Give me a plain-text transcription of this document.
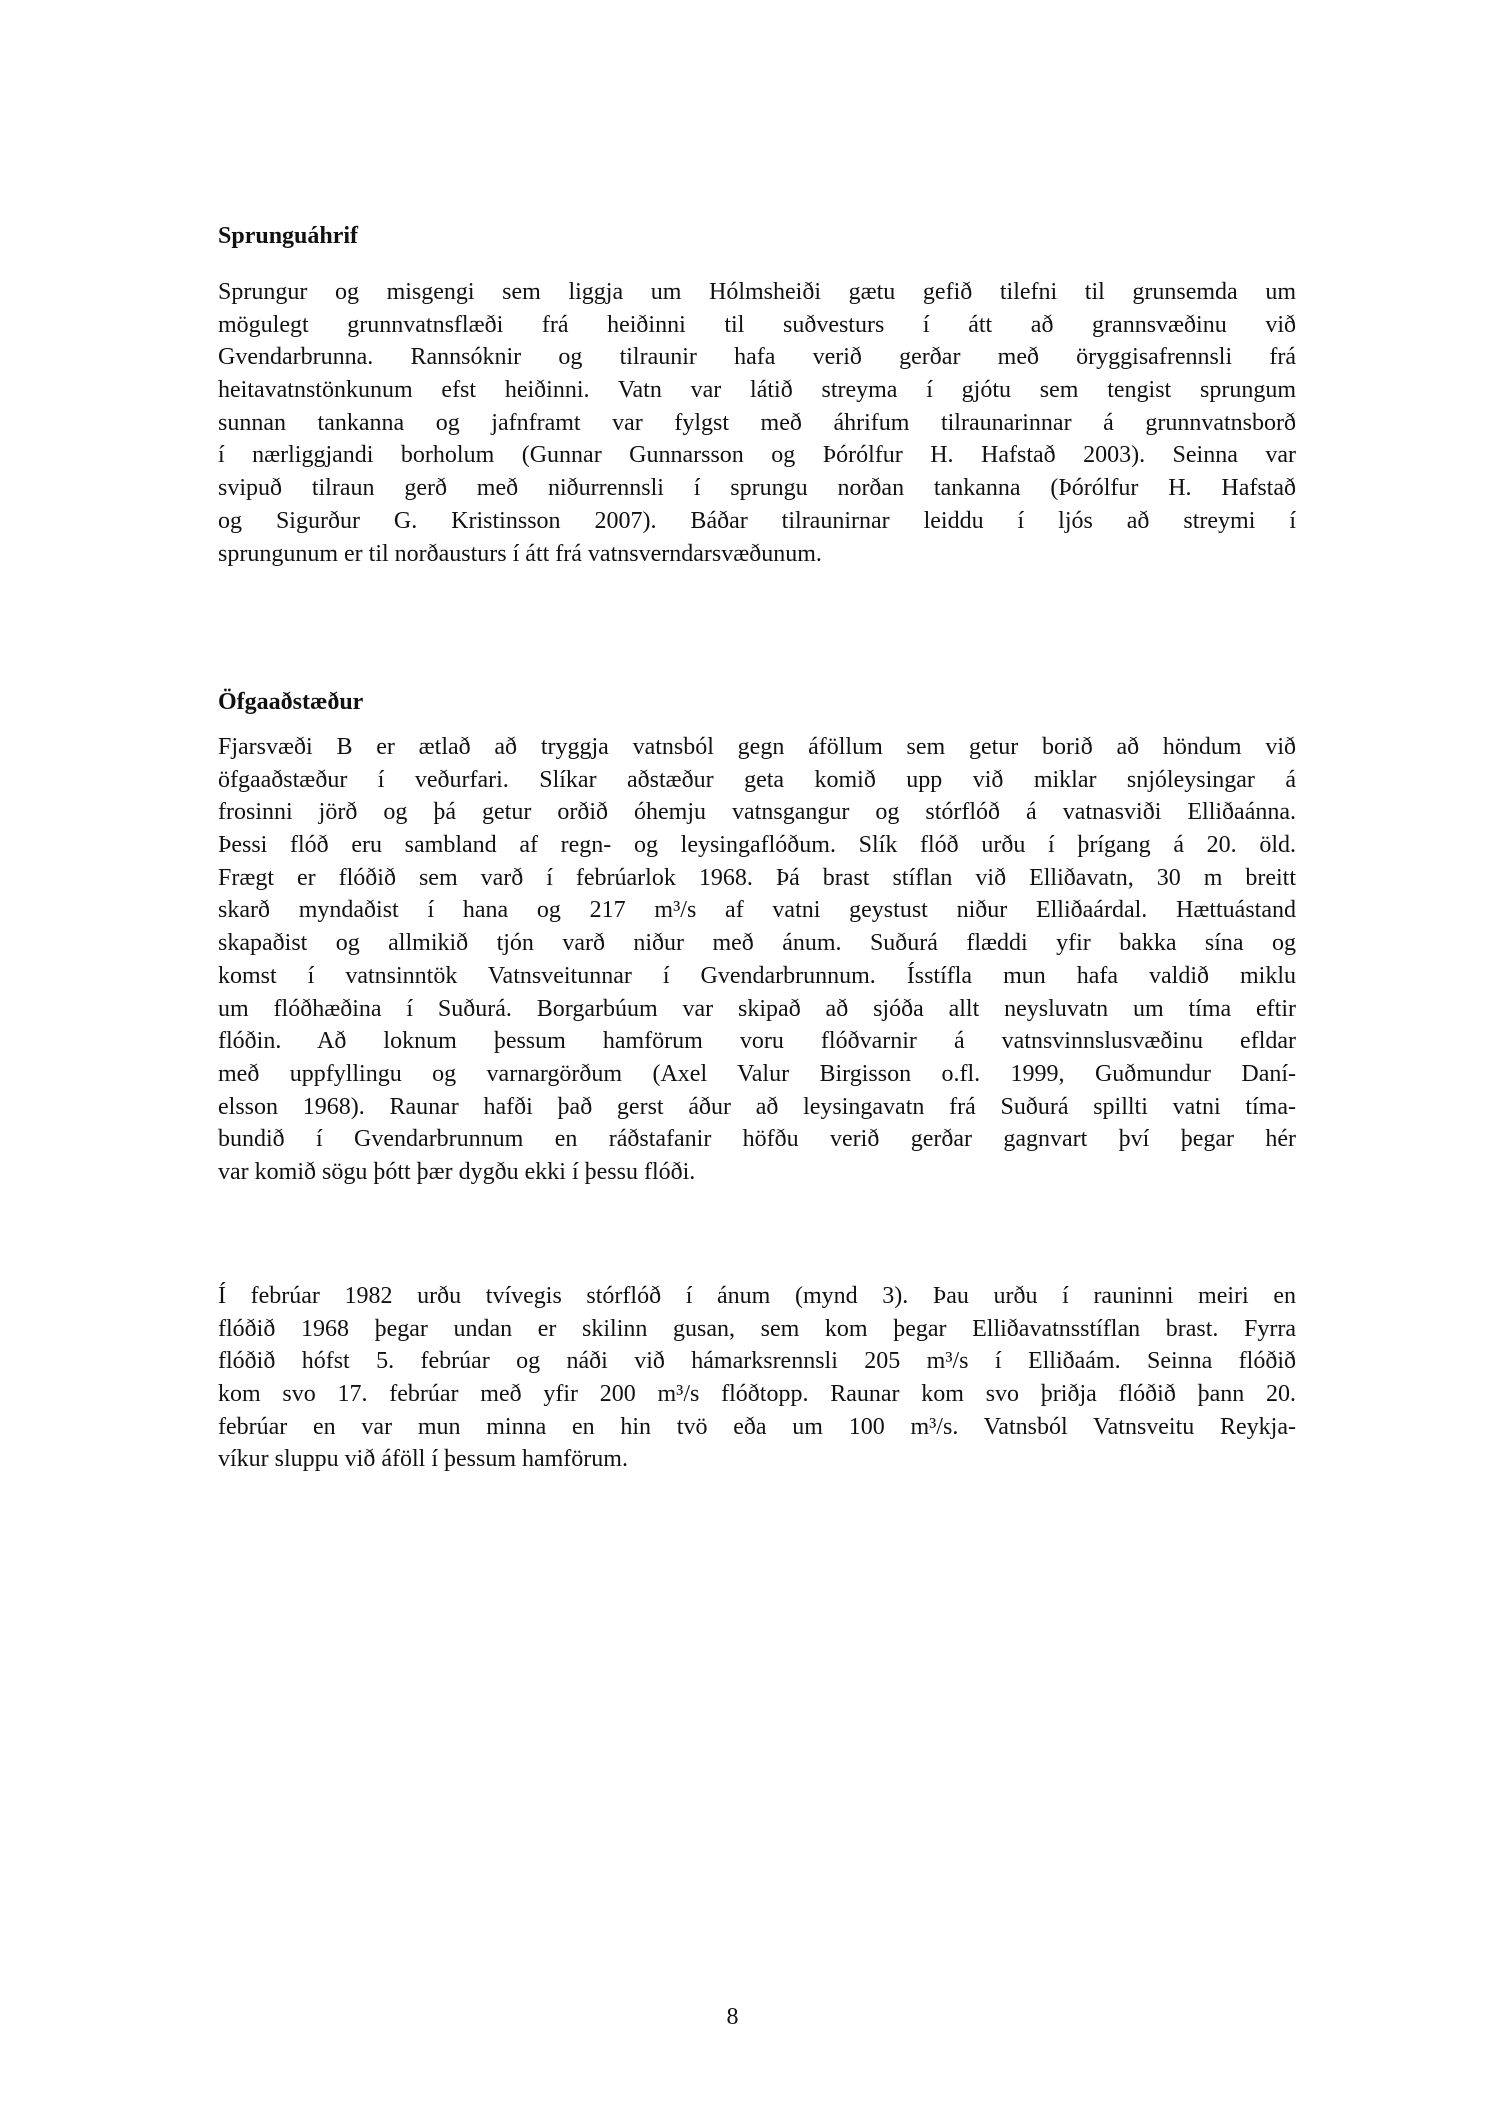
Sprunguáhrif
Sprungur og misgengi sem liggja um Hólmsheiði gætu gefið tilefni til grunsemda um
mögulegt grunnvatnsflæði frá heiðinni til suðvesturs í átt að grannsvæðinu við
Gvendarbrunna. Rannsóknir og tilraunir hafa verið gerðar með öryggisafrennsli frá
heitavatnstönkunum efst heiðinni. Vatn var látið streyma í gjótu sem tengist sprungum
sunnan tankanna og jafnframt var fylgst með áhrifum tilraunarinnar á grunnvatnsborð
í nærliggjandi borholum (Gunnar Gunnarsson og Þórólfur H. Hafstað 2003). Seinna var
svipuð tilraun gerð með niðurrennsli í sprungu norðan tankanna (Þórólfur H. Hafstað
og Sigurður G. Kristinsson 2007). Báðar tilraunirnar leiddu í ljós að streymi í
sprungunum er til norðausturs í átt frá vatnsverndarsvæðunum.
Öfgaaðstæður
Fjarsvæði B er ætlað að tryggja vatnsból gegn áföllum sem getur borið að höndum við
öfgaaðstæður í veðurfari. Slíkar aðstæður geta komið upp við miklar snjóleysingar á
frosinni jörð og þá getur orðið óhemju vatnsgangur og stórflóð á vatnasviði Elliðaánna.
Þessi flóð eru sambland af regn- og leysingaflóðum. Slík flóð urðu í þrígang á 20. öld.
Frægt er flóðið sem varð í febrúarlok 1968. Þá brast stíflan við Elliðavatn, 30 m breitt
skarð myndaðist í hana og 217 m³/s af vatni geystust niður Elliðaárdal. Hættuástand
skapaðist og allmikið tjón varð niður með ánum. Suðurá flæddi yfir bakka sína og
komst í vatnsinntök Vatnsveitunnar í Gvendarbrunnum. Ísstífla mun hafa valdið miklu
um flóðhæðina í Suðurá. Borgarbúum var skipað að sjóða allt neysluvatn um tíma eftir
flóðin. Að loknum þessum hamförum voru flóðvarnir á vatnsvinnslusvæðinu efldar
með uppfyllingu og varnargörðum (Axel Valur Birgisson o.fl. 1999, Guðmundur Daní-
elsson 1968). Raunar hafði það gerst áður að leysingavatn frá Suðurá spillti vatni tíma-
bundið í Gvendarbrunnum en ráðstafanir höfðu verið gerðar gagnvart því þegar hér
var komið sögu þótt þær dygðu ekki í þessu flóði.
Í febrúar 1982 urðu tvívegis stórflóð í ánum (mynd 3). Þau urðu í rauninni meiri en
flóðið 1968 þegar undan er skilinn gusan, sem kom þegar Elliðavatnsstíflan brast. Fyrra
flóðið hófst 5. febrúar og náði við hámarksrennsli 205 m³/s í Elliðaám. Seinna flóðið
kom svo 17. febrúar með yfir 200 m³/s flóðtopp. Raunar kom svo þriðja flóðið þann 20.
febrúar en var mun minna en hin tvö eða um 100 m³/s. Vatnsból Vatnsveitu Reykja-
víkur sluppu við áföll í þessum hamförum.
8
